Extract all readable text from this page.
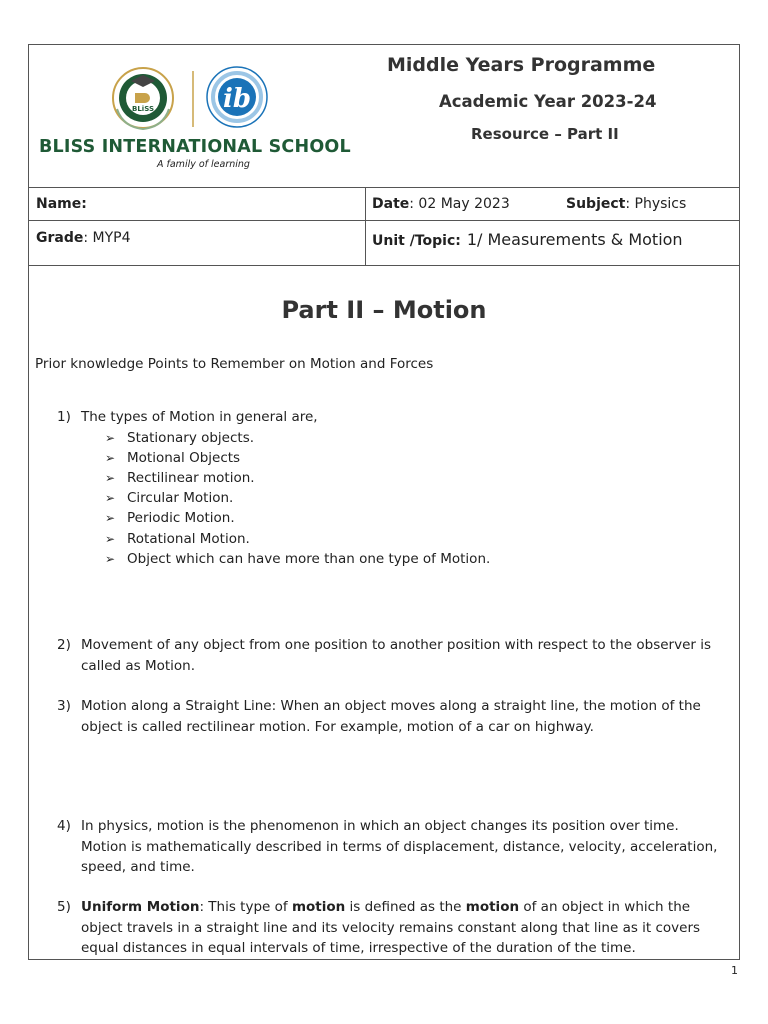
BLiSS	ib
BLISS INTERNATIONAL SCHOOL
A family of learning
Middle Years Programme
Academic Year 2023-24
Resource – Part II
Name:	Date: 02 May 2023	Subject: Physics
Grade: MYP4	Unit /Topic: 1/ Measurements & Motion
Part II – Motion
Prior knowledge Points to Remember on Motion and Forces
1) The types of Motion in general are,
➢ Stationary objects.
➢ Motional Objects
➢ Rectilinear motion.
➢ Circular Motion.
➢ Periodic Motion.
➢ Rotational Motion.
➢ Object which can have more than one type of Motion.
2) Movement of any object from one position to another position with respect to the observer is called as Motion.
3) Motion along a Straight Line: When an object moves along a straight line, the motion of the object is called rectilinear motion. For example, motion of a car on highway.
4) In physics, motion is the phenomenon in which an object changes its position over time. Motion is mathematically described in terms of displacement, distance, velocity, acceleration, speed, and time.
5) Uniform Motion: This type of motion is defined as the motion of an object in which the object travels in a straight line and its velocity remains constant along that line as it covers equal distances in equal intervals of time, irrespective of the duration of the time.
1
